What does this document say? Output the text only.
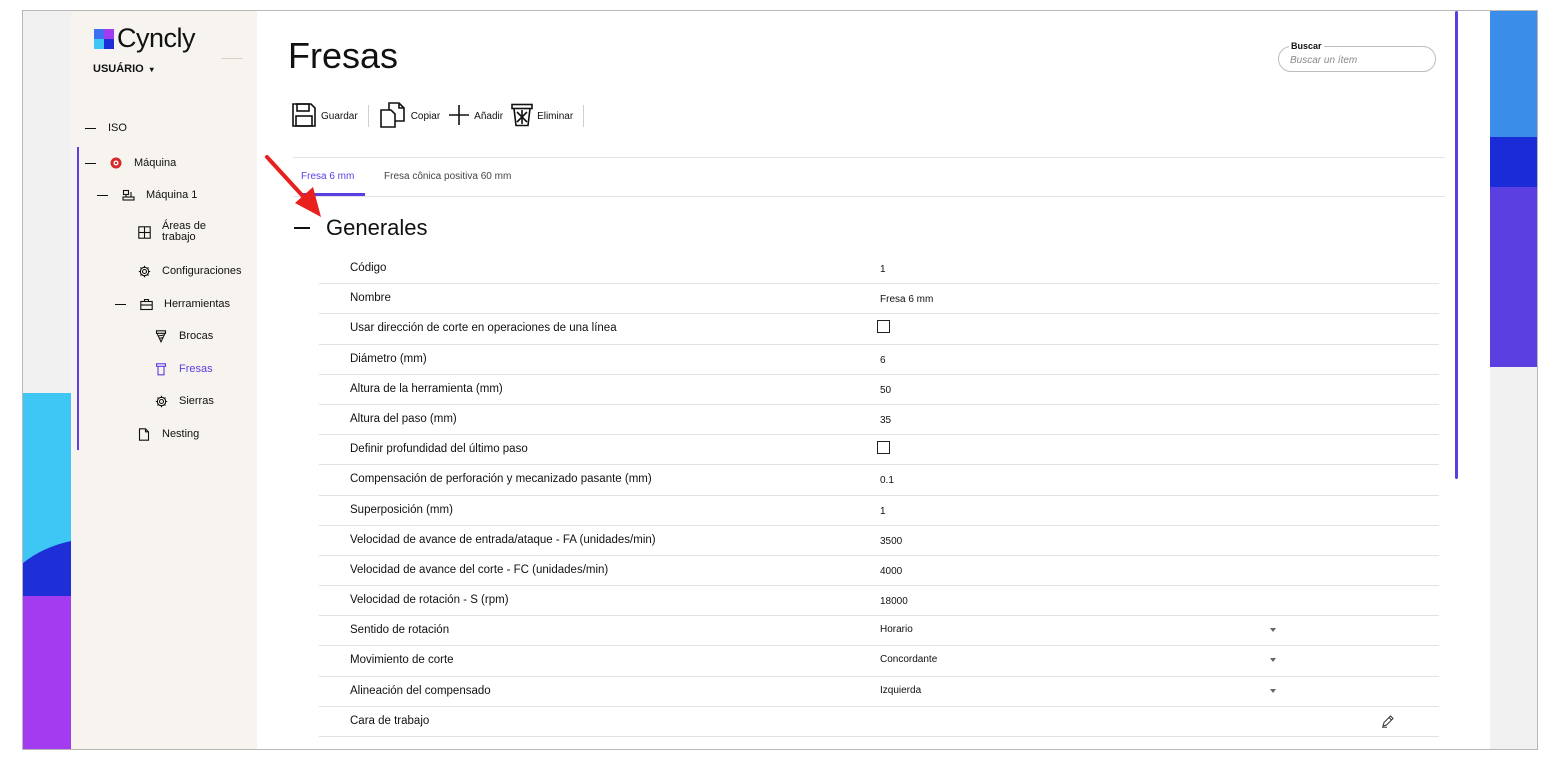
Cyncly
USUÁRIO ▾
ISO
Máquina
Máquina 1
Áreas de
trabajo
Configuraciones
Herramientas
Brocas
Fresas
Sierras
Nesting
Fresas	Buscar
Buscar un ítem
Guardar	Copiar	Añadir	Eliminar
Fresa 6 mm	Fresa cônica positiva 60 mm
Generales
Código	1
Nombre	Fresa 6 mm
Usar dirección de corte en operaciones de una línea
Diámetro (mm)	6
Altura de la herramienta (mm)	50
Altura del paso (mm)	35
Definir profundidad del último paso
Compensación de perforación y mecanizado pasante (mm)	0.1
Superposición (mm)	1
Velocidad de avance de entrada/ataque - FA (unidades/min)	3500
Velocidad de avance del corte - FC (unidades/min)	4000
Velocidad de rotación - S (rpm)	18000
Sentido de rotación	Horario
Movimiento de corte	Concordante
Alineación del compensado	Izquierda
Cara de trabajo
